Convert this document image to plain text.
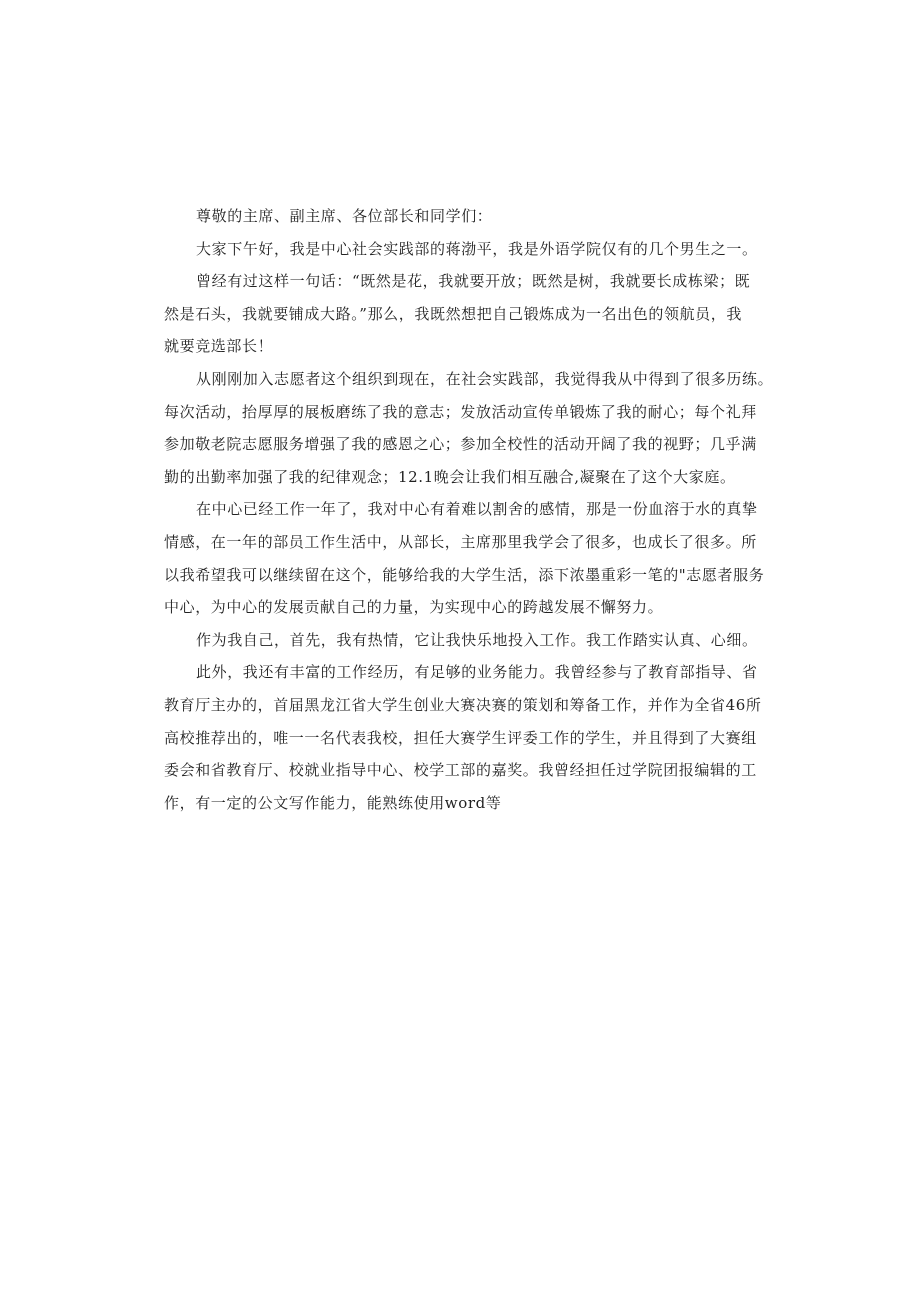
尊敬的主席、副主席、各位部长和同学们：
大家下午好，我是中心社会实践部的蒋渤平，我是外语学院仅有的几个男生之一。
曾经有过这样一句话：“既然是花，我就要开放；既然是树，我就要长成栋梁；既
然是石头，我就要铺成大路。”那么，我既然想把自己锻炼成为一名出色的领航员，我
就要竞选部长！
从刚刚加入志愿者这个组织到现在，在社会实践部，我觉得我从中得到了很多历练。
每次活动，抬厚厚的展板磨练了我的意志；发放活动宣传单锻炼了我的耐心；每个礼拜
参加敬老院志愿服务增强了我的感恩之心；参加全校性的活动开阔了我的视野；几乎满
勤的出勤率加强了我的纪律观念；12.1晚会让我们相互融合,凝聚在了这个大家庭。
在中心已经工作一年了，我对中心有着难以割舍的感情，那是一份血溶于水的真挚
情感，在一年的部员工作生活中，从部长，主席那里我学会了很多，也成长了很多。所
以我希望我可以继续留在这个，能够给我的大学生活，添下浓墨重彩一笔的"志愿者服务
中心，为中心的发展贡献自己的力量，为实现中心的跨越发展不懈努力。
作为我自己，首先，我有热情，它让我快乐地投入工作。我工作踏实认真、心细。
此外，我还有丰富的工作经历，有足够的业务能力。我曾经参与了教育部指导、省
教育厅主办的，首届黑龙江省大学生创业大赛决赛的策划和筹备工作，并作为全省46所
高校推荐出的，唯一一名代表我校，担任大赛学生评委工作的学生，并且得到了大赛组
委会和省教育厅、校就业指导中心、校学工部的嘉奖。我曾经担任过学院团报编辑的工
作，有一定的公文写作能力，能熟练使用word等
